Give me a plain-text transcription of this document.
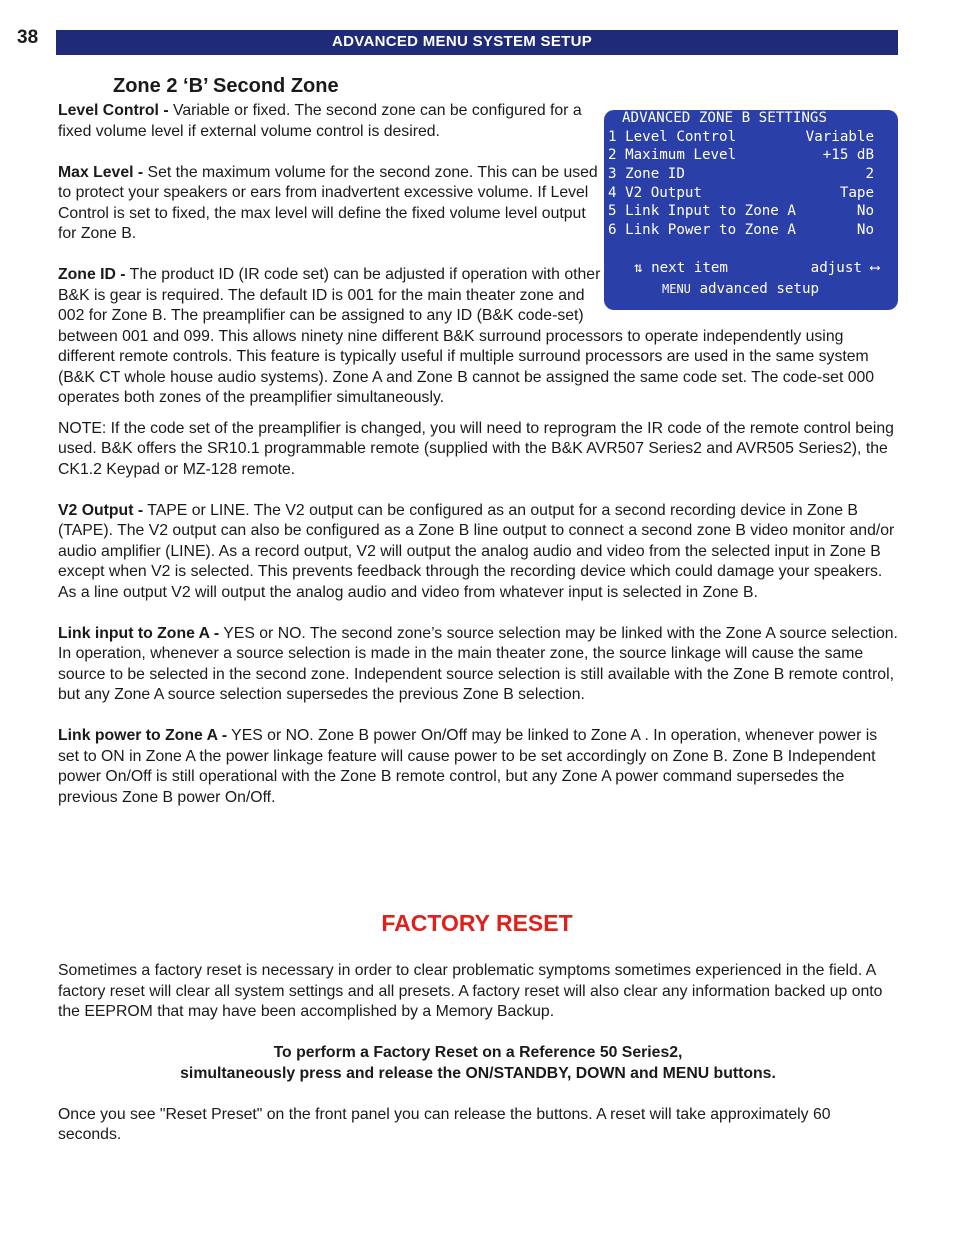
38	ADVANCED MENU SYSTEM SETUP
Zone 2 ‘B’ Second Zone
ADVANCED ZONE B SETTINGS
1 Level Control	Variable
2 Maximum Level	+15 dB
3 Zone ID	2
4 V2 Output	Tape
5 Link Input to Zone A	No
6 Link Power to Zone A	No
⇅ next item	adjust ⟷
MENU advanced setup

Level Control - Variable or fixed. The second zone can be configured for a fixed volume level if external volume control is desired.

Max Level - Set the maximum volume for the second zone. This can be used to protect your speakers or ears from inadvertent excessive volume. If Level Control is set to fixed, the max level will define the fixed volume level output for Zone B.

Zone ID - The product ID (IR code set) can be adjusted if operation with other B&K is gear is required. The default ID is 001 for the main theater zone and 002 for Zone B. The preamplifier can be assigned to any ID (B&K code-set) between 001 and 099. This allows ninety nine different B&K surround processors to operate independently using different remote controls. This feature is typically useful if multiple surround processors are used in the same system (B&K CT whole house audio systems). Zone A and Zone B cannot be assigned the same code set. The code-set 000 operates both zones of the preamplifier simultaneously.

NOTE: If the code set of the preamplifier is changed, you will need to reprogram the IR code of the remote control being used. B&K offers the SR10.1 programmable remote (supplied with the B&K AVR507 Series2 and AVR505 Series2), the CK1.2 Keypad or MZ-128 remote.

V2 Output - TAPE or LINE. The V2 output can be configured as an output for a second recording device in Zone B (TAPE). The V2 output can also be configured as a Zone B line output to connect a second zone B video monitor and/or audio amplifier (LINE). As a record output, V2 will output the analog audio and video from the selected input in Zone B except when V2 is selected. This prevents feedback through the recording device which could damage your speakers. As a line output V2 will output the analog audio and video from whatever input is selected in Zone B.

Link input to Zone A - YES or NO. The second zone’s source selection may be linked with the Zone A source selection. In operation, whenever a source selection is made in the main theater zone, the source linkage will cause the same source to be selected in the second zone. Independent source selection is still available with the Zone B remote control, but any Zone A source selection supersedes the previous Zone B selection.

Link power to Zone A - YES or NO. Zone B power On/Off may be linked to Zone A . In operation, whenever power is set to ON in Zone A the power linkage feature will cause power to be set accordingly on Zone B. Zone B Independent power On/Off is still operational with the Zone B remote control, but any Zone A power command supersedes the previous Zone B power On/Off.

FACTORY RESET

Sometimes a factory reset is necessary in order to clear problematic symptoms sometimes experienced in the field. A factory reset will clear all system settings and all presets. A factory reset will also clear any information backed up onto the EEPROM that may have been accomplished by a Memory Backup.

To perform a Factory Reset on a Reference 50 Series2,
simultaneously press and release the ON/STANDBY, DOWN and MENU buttons.

Once you see "Reset Preset" on the front panel you can release the buttons. A reset will take approximately 60 seconds.
